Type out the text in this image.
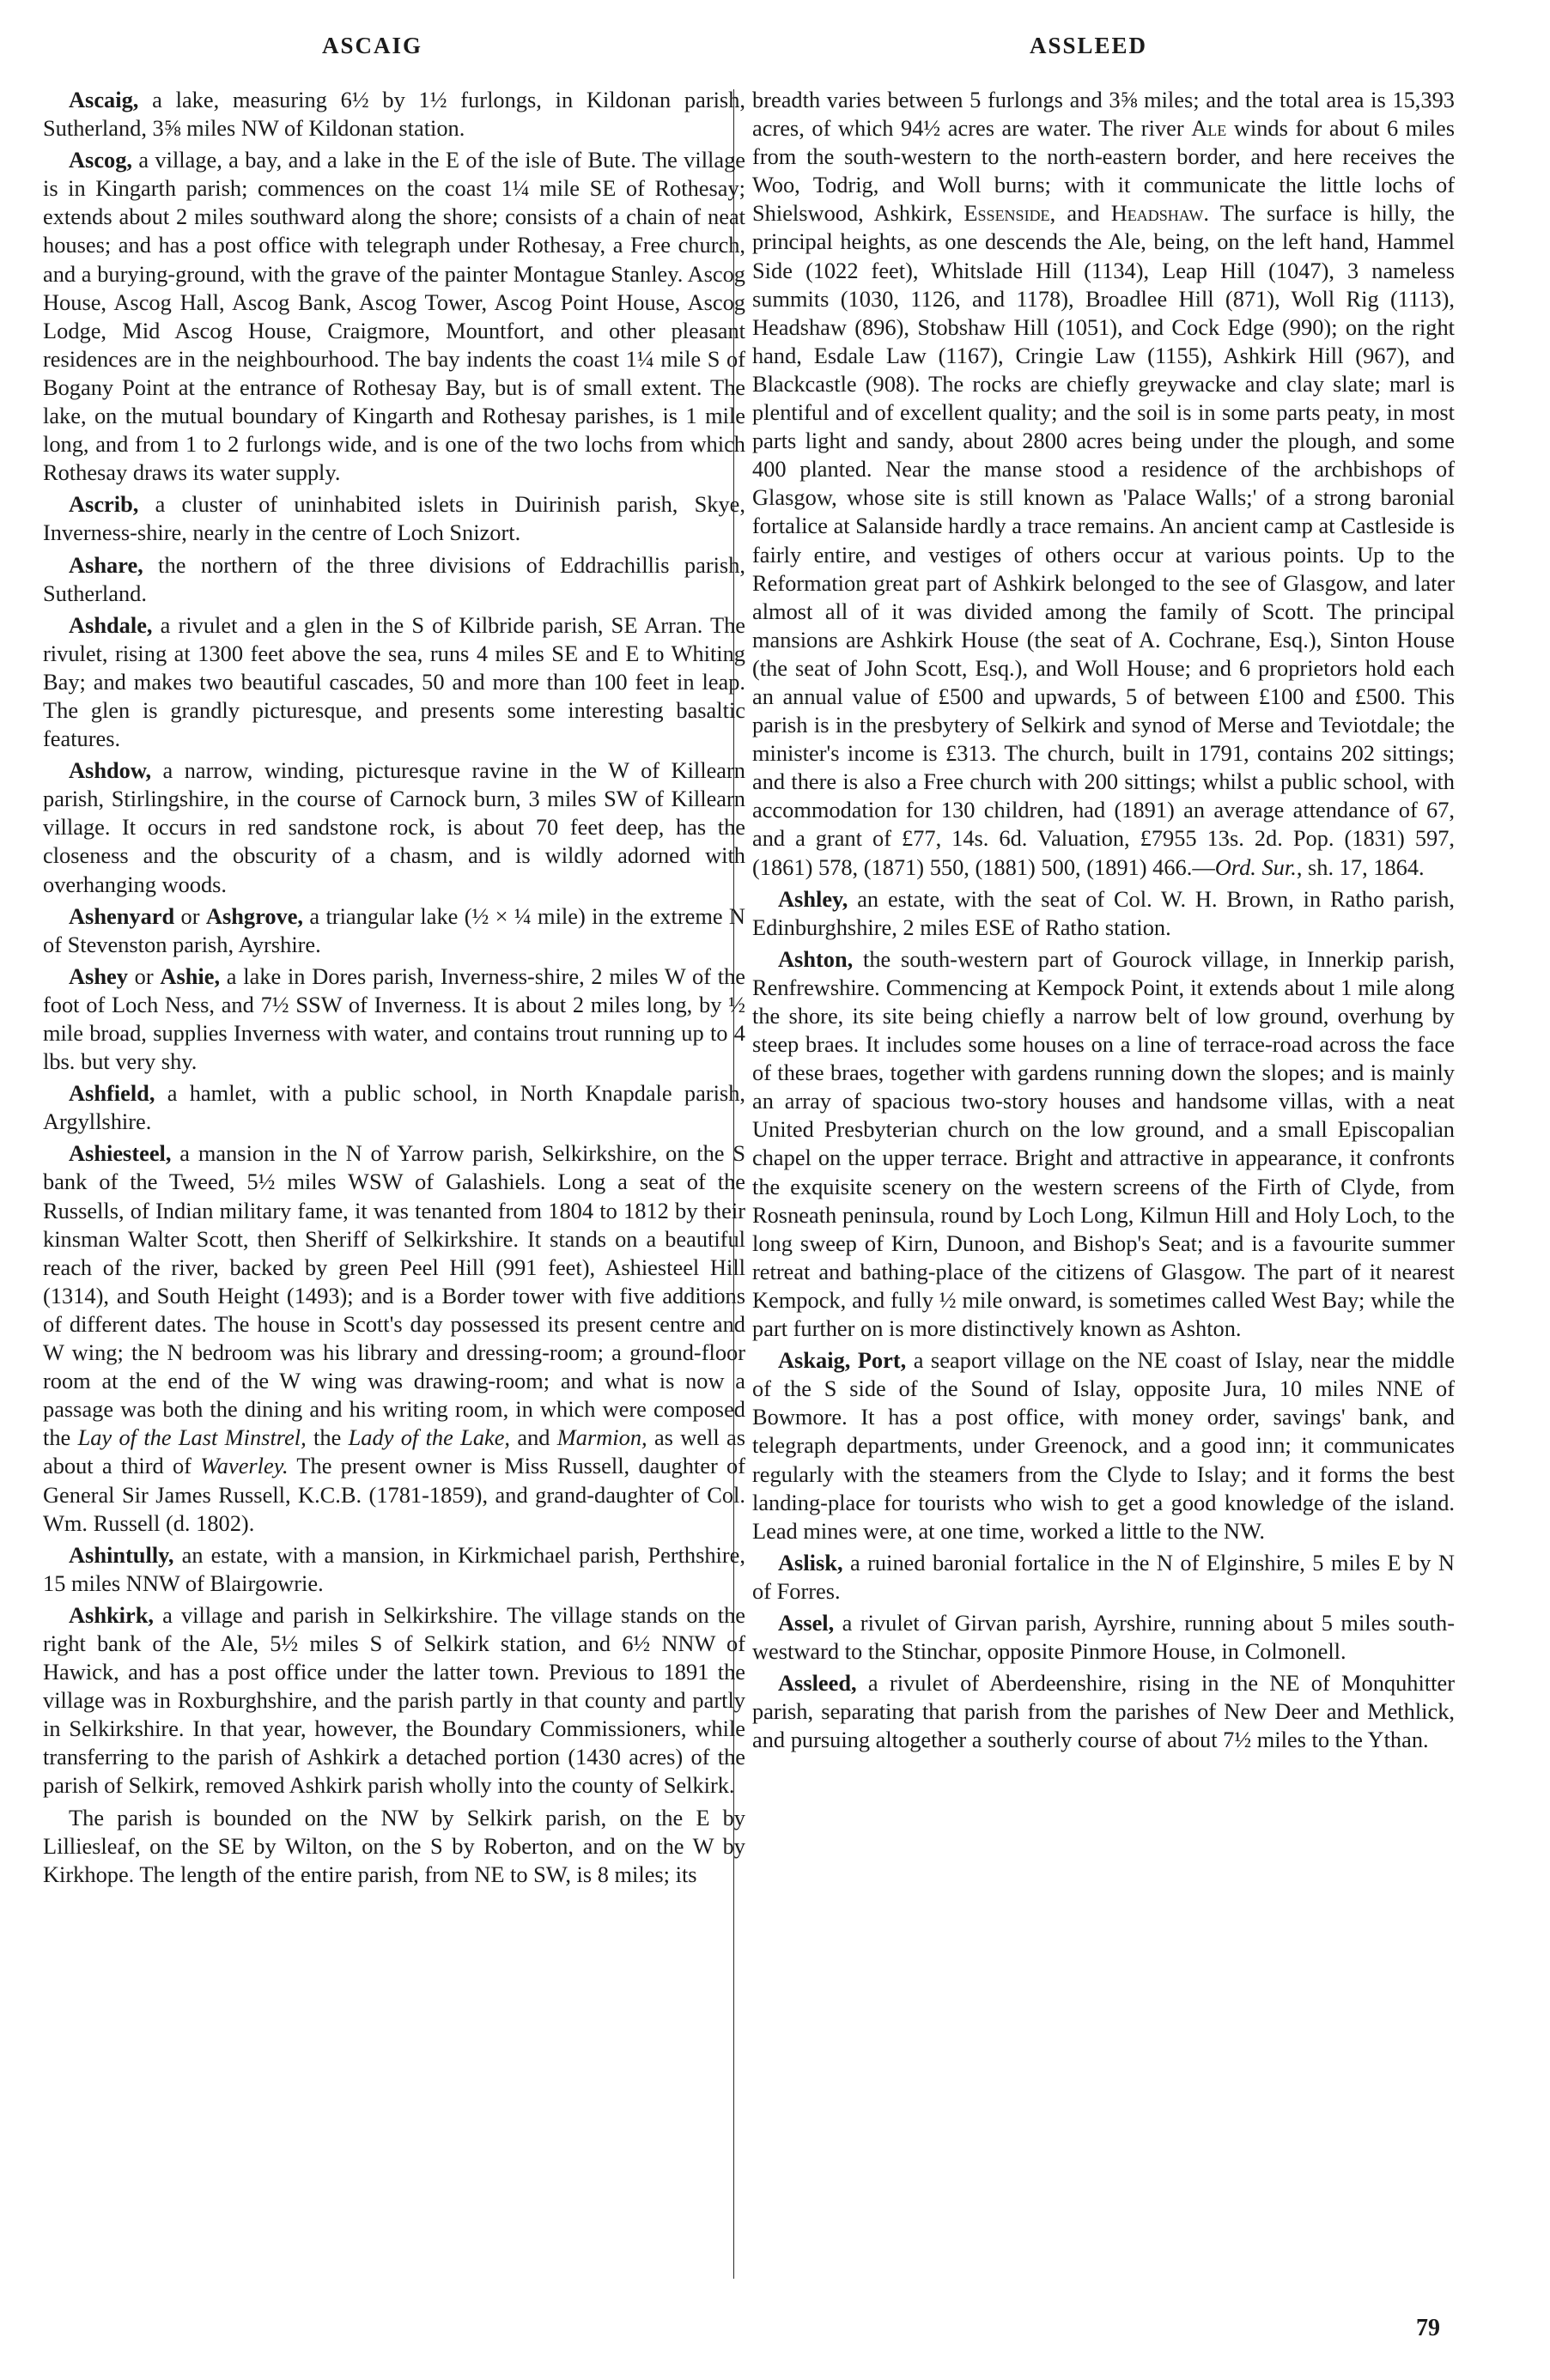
ASCAIG	ASSLEED

Ascaig, a lake, measuring 6½ by 1½ furlongs, in Kildonan parish, Sutherland, 3⅝ miles NW of Kildonan station.

Ascog, a village, a bay, and a lake in the E of the isle of Bute. The village is in Kingarth parish; commences on the coast 1¼ mile SE of Rothesay; extends about 2 miles southward along the shore; consists of a chain of neat houses; and has a post office with telegraph under Rothesay, a Free church, and a burying-ground, with the grave of the painter Montague Stanley. Ascog House, Ascog Hall, Ascog Bank, Ascog Tower, Ascog Point House, Ascog Lodge, Mid Ascog House, Craigmore, Mountfort, and other pleasant residences are in the neighbourhood. The bay indents the coast 1¼ mile S of Bogany Point at the entrance of Rothesay Bay, but is of small extent. The lake, on the mutual boundary of Kingarth and Rothesay parishes, is 1 mile long, and from 1 to 2 furlongs wide, and is one of the two lochs from which Rothesay draws its water supply.

Ascrib, a cluster of uninhabited islets in Duirinish parish, Skye, Inverness-shire, nearly in the centre of Loch Snizort.

Ashare, the northern of the three divisions of Eddrachillis parish, Sutherland.

Ashdale, a rivulet and a glen in the S of Kilbride parish, SE Arran. The rivulet, rising at 1300 feet above the sea, runs 4 miles SE and E to Whiting Bay; and makes two beautiful cascades, 50 and more than 100 feet in leap. The glen is grandly picturesque, and presents some interesting basaltic features.

Ashdow, a narrow, winding, picturesque ravine in the W of Killearn parish, Stirlingshire, in the course of Carnock burn, 3 miles SW of Killearn village. It occurs in red sandstone rock, is about 70 feet deep, has the closeness and the obscurity of a chasm, and is wildly adorned with overhanging woods.

Ashenyard or Ashgrove, a triangular lake (½ × ¼ mile) in the extreme N of Stevenston parish, Ayrshire.

Ashey or Ashie, a lake in Dores parish, Inverness-shire, 2 miles W of the foot of Loch Ness, and 7½ SSW of Inverness. It is about 2 miles long, by ½ mile broad, supplies Inverness with water, and contains trout running up to 4 lbs. but very shy.

Ashfield, a hamlet, with a public school, in North Knapdale parish, Argyllshire.

Ashiesteel, a mansion in the N of Yarrow parish, Selkirkshire, on the S bank of the Tweed, 5½ miles WSW of Galashiels. Long a seat of the Russells, of Indian military fame, it was tenanted from 1804 to 1812 by their kinsman Walter Scott, then Sheriff of Selkirkshire. It stands on a beautiful reach of the river, backed by green Peel Hill (991 feet), Ashiesteel Hill (1314), and South Height (1493); and is a Border tower with five additions of different dates. The house in Scott's day possessed its present centre and W wing; the N bedroom was his library and dressing-room; a ground-floor room at the end of the W wing was drawing-room; and what is now a passage was both the dining and his writing room, in which were composed the Lay of the Last Minstrel, the Lady of the Lake, and Marmion, as well as about a third of Waverley. The present owner is Miss Russell, daughter of General Sir James Russell, K.C.B. (1781-1859), and grand-daughter of Col. Wm. Russell (d. 1802).

Ashintully, an estate, with a mansion, in Kirkmichael parish, Perthshire, 15 miles NNW of Blairgowrie.

Ashkirk, a village and parish in Selkirkshire. The village stands on the right bank of the Ale, 5½ miles S of Selkirk station, and 6½ NNW of Hawick, and has a post office under the latter town. Previous to 1891 the village was in Roxburghshire, and the parish partly in that county and partly in Selkirkshire. In that year, however, the Boundary Commissioners, while transferring to the parish of Ashkirk a detached portion (1430 acres) of the parish of Selkirk, removed Ashkirk parish wholly into the county of Selkirk.

The parish is bounded on the NW by Selkirk parish, on the E by Lilliesleaf, on the SE by Wilton, on the S by Roberton, and on the W by Kirkhope. The length of the entire parish, from NE to SW, is 8 miles; its

breadth varies between 5 furlongs and 3⅝ miles; and the total area is 15,393 acres, of which 94½ acres are water. The river Ale winds for about 6 miles from the south-western to the north-eastern border, and here receives the Woo, Todrig, and Woll burns; with it communicate the little lochs of Shielswood, Ashkirk, Essenside, and Headshaw. The surface is hilly, the principal heights, as one descends the Ale, being, on the left hand, Hammel Side (1022 feet), Whitslade Hill (1134), Leap Hill (1047), 3 nameless summits (1030, 1126, and 1178), Broadlee Hill (871), Woll Rig (1113), Headshaw (896), Stobshaw Hill (1051), and Cock Edge (990); on the right hand, Esdale Law (1167), Cringie Law (1155), Ashkirk Hill (967), and Blackcastle (908). The rocks are chiefly greywacke and clay slate; marl is plentiful and of excellent quality; and the soil is in some parts peaty, in most parts light and sandy, about 2800 acres being under the plough, and some 400 planted. Near the manse stood a residence of the archbishops of Glasgow, whose site is still known as 'Palace Walls;' of a strong baronial fortalice at Salanside hardly a trace remains. An ancient camp at Castleside is fairly entire, and vestiges of others occur at various points. Up to the Reformation great part of Ashkirk belonged to the see of Glasgow, and later almost all of it was divided among the family of Scott. The principal mansions are Ashkirk House (the seat of A. Cochrane, Esq.), Sinton House (the seat of John Scott, Esq.), and Woll House; and 6 proprietors hold each an annual value of £500 and upwards, 5 of between £100 and £500. This parish is in the presbytery of Selkirk and synod of Merse and Teviotdale; the minister's income is £313. The church, built in 1791, contains 202 sittings; and there is also a Free church with 200 sittings; whilst a public school, with accommodation for 130 children, had (1891) an average attendance of 67, and a grant of £77, 14s. 6d. Valuation, £7955 13s. 2d. Pop. (1831) 597, (1861) 578, (1871) 550, (1881) 500, (1891) 466.—Ord. Sur., sh. 17, 1864.

Ashley, an estate, with the seat of Col. W. H. Brown, in Ratho parish, Edinburghshire, 2 miles ESE of Ratho station.

Ashton, the south-western part of Gourock village, in Innerkip parish, Renfrewshire. Commencing at Kempock Point, it extends about 1 mile along the shore, its site being chiefly a narrow belt of low ground, overhung by steep braes. It includes some houses on a line of terrace-road across the face of these braes, together with gardens running down the slopes; and is mainly an array of spacious two-story houses and handsome villas, with a neat United Presbyterian church on the low ground, and a small Episcopalian chapel on the upper terrace. Bright and attractive in appearance, it confronts the exquisite scenery on the western screens of the Firth of Clyde, from Rosneath peninsula, round by Loch Long, Kilmun Hill and Holy Loch, to the long sweep of Kirn, Dunoon, and Bishop's Seat; and is a favourite summer retreat and bathing-place of the citizens of Glasgow. The part of it nearest Kempock, and fully ½ mile onward, is sometimes called West Bay; while the part further on is more distinctively known as Ashton.

Askaig, Port, a seaport village on the NE coast of Islay, near the middle of the S side of the Sound of Islay, opposite Jura, 10 miles NNE of Bowmore. It has a post office, with money order, savings' bank, and telegraph departments, under Greenock, and a good inn; it communicates regularly with the steamers from the Clyde to Islay; and it forms the best landing-place for tourists who wish to get a good knowledge of the island. Lead mines were, at one time, worked a little to the NW.

Aslisk, a ruined baronial fortalice in the N of Elginshire, 5 miles E by N of Forres.

Assel, a rivulet of Girvan parish, Ayrshire, running about 5 miles south-westward to the Stinchar, opposite Pinmore House, in Colmonell.

Assleed, a rivulet of Aberdeenshire, rising in the NE of Monquhitter parish, separating that parish from the parishes of New Deer and Methlick, and pursuing altogether a southerly course of about 7½ miles to the Ythan.

79
